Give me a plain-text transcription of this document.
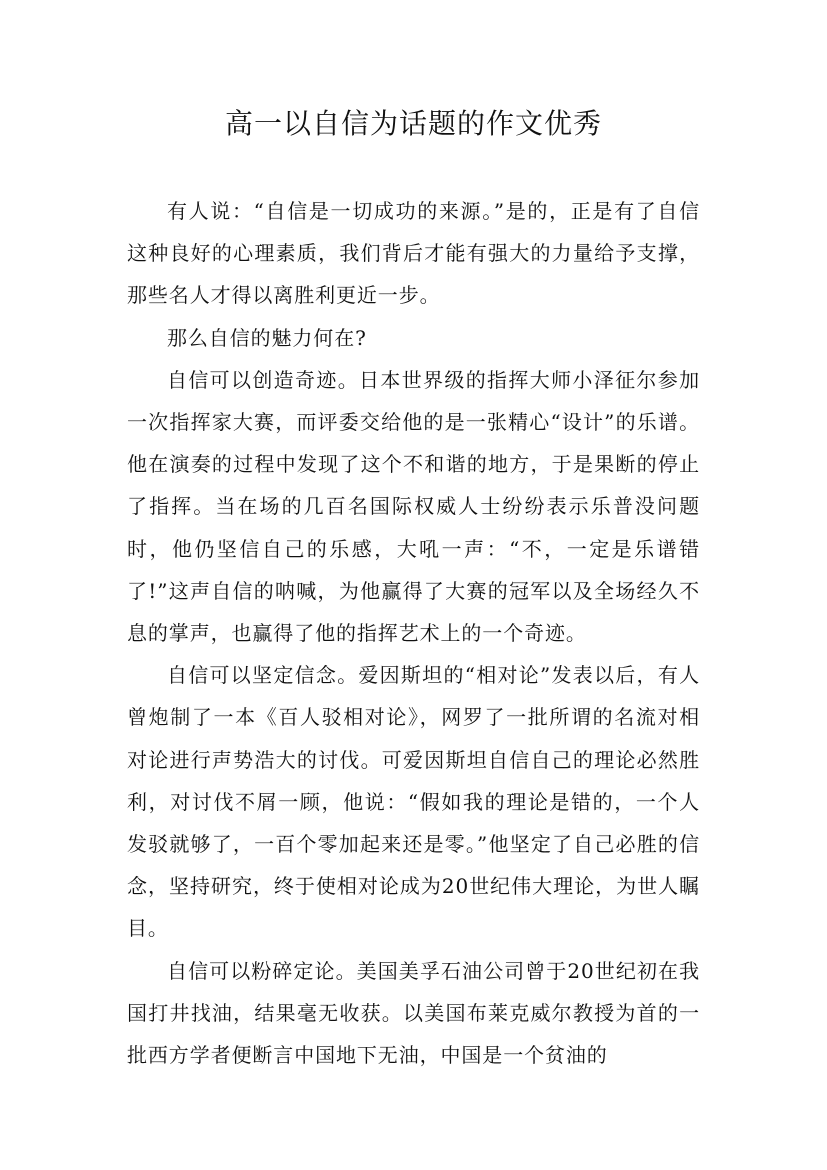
高一以自信为话题的作文优秀

有人说：“自信是一切成功的来源。”是的，正是有了自信这种良好的心理素质，我们背后才能有强大的力量给予支撑，那些名人才得以离胜利更近一步。

那么自信的魅力何在?

自信可以创造奇迹。日本世界级的指挥大师小泽征尔参加一次指挥家大赛，而评委交给他的是一张精心“设计”的乐谱。他在演奏的过程中发现了这个不和谐的地方，于是果断的停止了指挥。当在场的几百名国际权威人士纷纷表示乐普没问题时，他仍坚信自己的乐感，大吼一声：“不，一定是乐谱错了!”这声自信的呐喊，为他赢得了大赛的冠军以及全场经久不息的掌声，也赢得了他的指挥艺术上的一个奇迹。

自信可以坚定信念。爱因斯坦的“相对论”发表以后，有人曾炮制了一本《百人驳相对论》，网罗了一批所谓的名流对相对论进行声势浩大的讨伐。可爱因斯坦自信自己的理论必然胜利，对讨伐不屑一顾，他说：“假如我的理论是错的，一个人发驳就够了，一百个零加起来还是零。”他坚定了自己必胜的信念，坚持研究，终于使相对论成为20世纪伟大理论，为世人瞩目。

自信可以粉碎定论。美国美孚石油公司曾于20世纪初在我国打井找油，结果毫无收获。以美国布莱克威尔教授为首的一批西方学者便断言中国地下无油，中国是一个贫油的
